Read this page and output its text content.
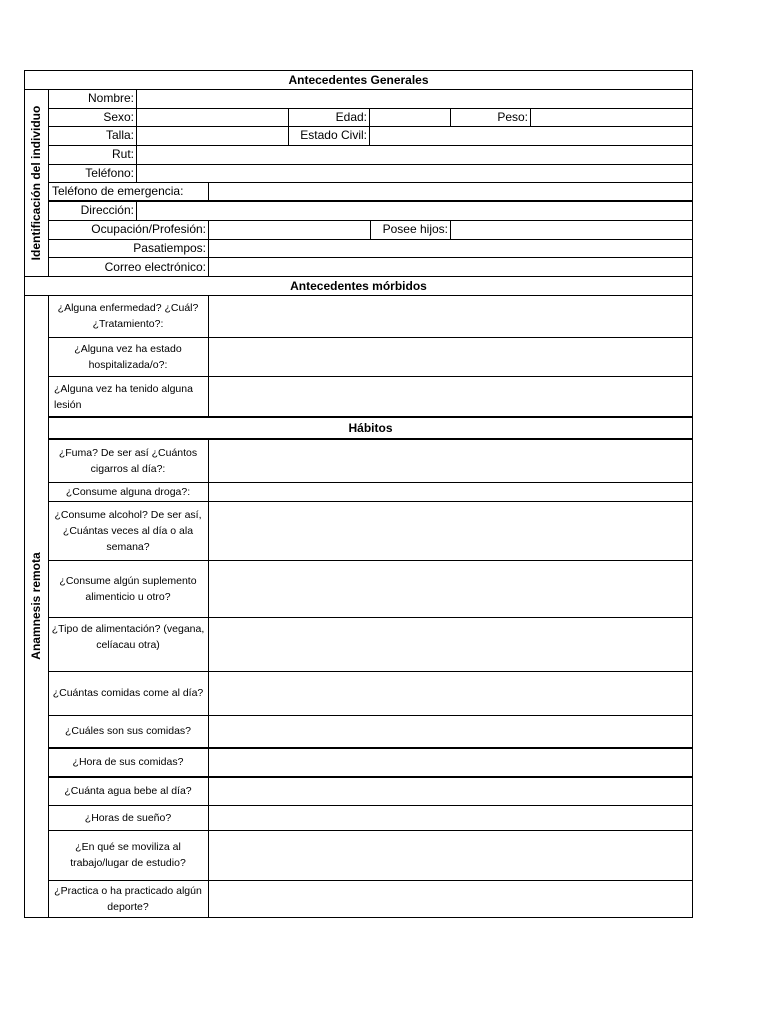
Antecedentes Generales
Identificación del individuo
Nombre:
Sexo:	Edad:	Peso:
Talla:	Estado Civil:
Rut:
Teléfono:
Teléfono de emergencia:
Dirección:
Ocupación/Profesión:	Posee hijos:
Pasatiempos:
Correo electrónico:
Antecedentes mórbidos
Anamnesis remota
¿Alguna enfermedad? ¿Cuál? ¿Tratamiento?:
¿Alguna vez ha estado hospitalizada/o?:
¿Alguna vez ha tenido alguna lesión
Hábitos
¿Fuma? De ser así ¿Cuántos cigarros al día?:
¿Consume alguna droga?:
¿Consume alcohol? De ser así, ¿Cuántas veces al día o ala semana?
¿Consume algún suplemento alimenticio u otro?
¿Tipo de alimentación? (vegana, celíacau otra)
¿Cuántas comidas come al día?
¿Cuáles son sus comidas?
¿Hora de sus comidas?
¿Cuánta agua bebe al día?
¿Horas de sueño?
¿En qué se moviliza al trabajo/lugar de estudio?
¿Practica o ha practicado algún deporte?
